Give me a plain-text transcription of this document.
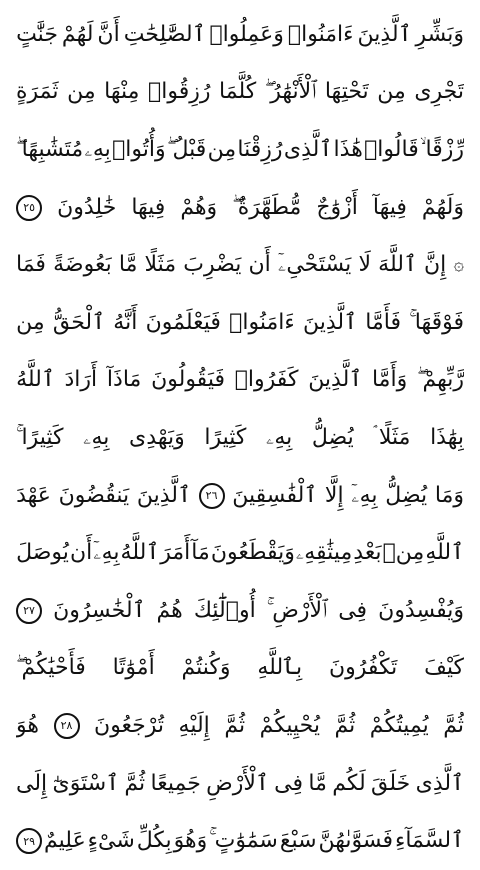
وَبَشِّرِ
ٱلَّذِينَ
ءَامَنُوا۟
وَعَمِلُوا۟
ٱلصَّٰلِحَٰتِ
أَنَّ
لَهُمْ
جَنَّٰتٍ
تَجْرِى
مِن
تَحْتِهَا
ٱلْأَنْهَٰرُ ۖ
كُلَّمَا
رُزِقُوا۟
مِنْهَا
مِن
ثَمَرَةٍ
رِّزْقًا ۙ
قَالُوا۟
هَٰذَا
ٱلَّذِى
رُزِقْنَا
مِن
قَبْلُ ۖ
وَأُتُوا۟
بِهِۦ
مُتَشَٰبِهًا ۖ
وَلَهُمْ
فِيهَآ
أَزْوَٰجٌ
مُّطَهَّرَةٌ ۖ
وَهُمْ
فِيهَا
خَٰلِدُونَ
٢٥
۞
إِنَّ
ٱللَّهَ
لَا
يَسْتَحْىِۦٓ
أَن
يَضْرِبَ
مَثَلًا
مَّا
بَعُوضَةً
فَمَا
فَوْقَهَا ۚ
فَأَمَّا
ٱلَّذِينَ
ءَامَنُوا۟
فَيَعْلَمُونَ
أَنَّهُ
ٱلْحَقُّ
مِن
رَّبِّهِمْ ۖ
وَأَمَّا
ٱلَّذِينَ
كَفَرُوا۟
فَيَقُولُونَ
مَاذَآ
أَرَادَ
ٱللَّهُ
بِهَٰذَا
مَثَلًا ۘ
يُضِلُّ
بِهِۦ
كَثِيرًا
وَيَهْدِى
بِهِۦ
كَثِيرًا ۚ
وَمَا
يُضِلُّ
بِهِۦٓ
إِلَّا
ٱلْفَٰسِقِينَ
٢٦
ٱلَّذِينَ
يَنقُضُونَ
عَهْدَ
ٱللَّهِ
مِنۢ
بَعْدِ
مِيثَٰقِهِۦ
وَيَقْطَعُونَ
مَآ
أَمَرَ
ٱللَّهُ
بِهِۦٓ
أَن
يُوصَلَ
وَيُفْسِدُونَ
فِى
ٱلْأَرْضِ ۚ
أُو۟لَٰٓئِكَ
هُمُ
ٱلْخَٰسِرُونَ
٢٧
كَيْفَ
تَكْفُرُونَ
بِٱللَّهِ
وَكُنتُمْ
أَمْوَٰتًا
فَأَحْيَٰكُمْ ۖ
ثُمَّ
يُمِيتُكُمْ
ثُمَّ
يُحْيِيكُمْ
ثُمَّ
إِلَيْهِ
تُرْجَعُونَ
٢٨
هُوَ
ٱلَّذِى
خَلَقَ
لَكُم
مَّا
فِى
ٱلْأَرْضِ
جَمِيعًا
ثُمَّ
ٱسْتَوَىٰٓ
إِلَى
ٱلسَّمَآءِ
فَسَوَّىٰهُنَّ
سَبْعَ
سَمَٰوَٰتٍ ۚ
وَهُوَ
بِكُلِّ
شَىْءٍ
عَلِيمٌ
٢٩
